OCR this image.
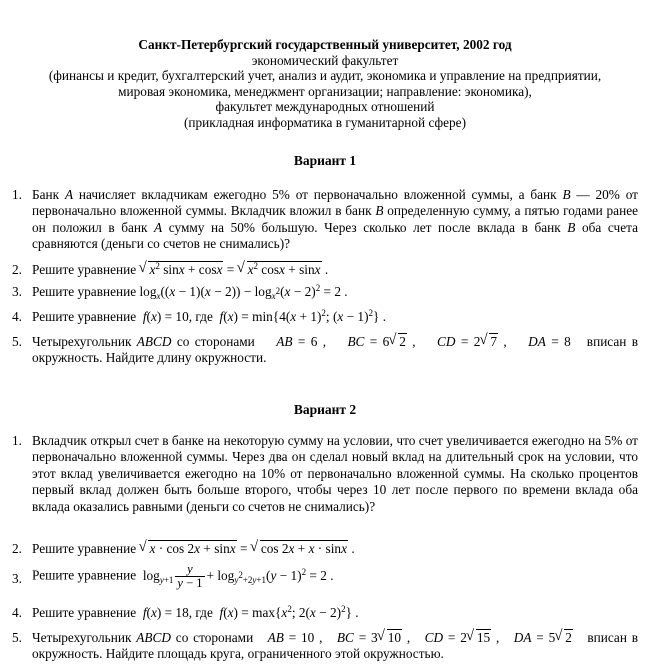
Санкт-Петербургский государственный университет, 2002 год
экономический факультет
(финансы и кредит, бухгалтерский учет, анализ и аудит, экономика и управление на предприятии,
мировая экономика, менеджмент организации; направление: экономика),
факультет международных отношений
(прикладная информатика в гуманитарной сфере)
Вариант 1
1. Банк A начисляет вкладчикам ежегодно 5% от первоначально вложенной суммы, а банк B — 20% от первоначально вложенной суммы. Вкладчик вложил в банк B определенную сумму, а пятью годами ранее он положил в банк A сумму на 50% большую. Через сколько лет после вклада в банк B оба счета сравняются (деньги со счетов не снимались)?
2. Решите уравнение √ $x^2$ sinx + cosx = √ $x^2$ cosx + sinx .
3. Решите уравнение $\log_x((x - 1)(x - 2)) - \log_{x^2}(x - 2)^2 = 2$ .
4. Решите уравнение f(x) = 10, где $f(x) = \min\{4(x + 1)^2$; $(x - 1)^2$} .
5. Четырехугольник ABCD со сторонами AB = 6 ,    BC = 6 √ 2 ,    CD = 2 √ 7 ,    DA = 8 вписан в окружность. Найдите длину окружности.
Вариант 2
1. Вкладчик открыл счет в банке на некоторую сумму на условии, что счет увеличивается ежегодно на 5% от первоначально вложенной суммы. Через два он сделал новый вклад на длительный срок на условии, что этот вклад увеличивается ежегодно на 10% от первоначально вложенной суммы. На сколько процентов первый вклад должен быть больше второго, чтобы через 10 лет после первого по времени вклада оба вклада оказались равными (деньги со счетов не снимались)?
2. Решите уравнение √ x · cos 2x + sinx = √ cos 2x + x · sinx .
3. Решите уравнение $\log_{y+1} \frac{y}{y - 1} + \log_{y^2+2y+1}(y - 1)^2 = 2$ .
4. Решите уравнение f(x) = 18, где $f(x) = \max\{x^2$; $2(x - 2)^2$} .
5. Четырехугольник ABCD со сторонами AB = 10 ,   BC = 3 √ 10 ,   CD = 2 √ 15 ,   DA = 5 √ 2 вписан в окружность. Найдите площадь круга, ограниченного этой окружностью.
